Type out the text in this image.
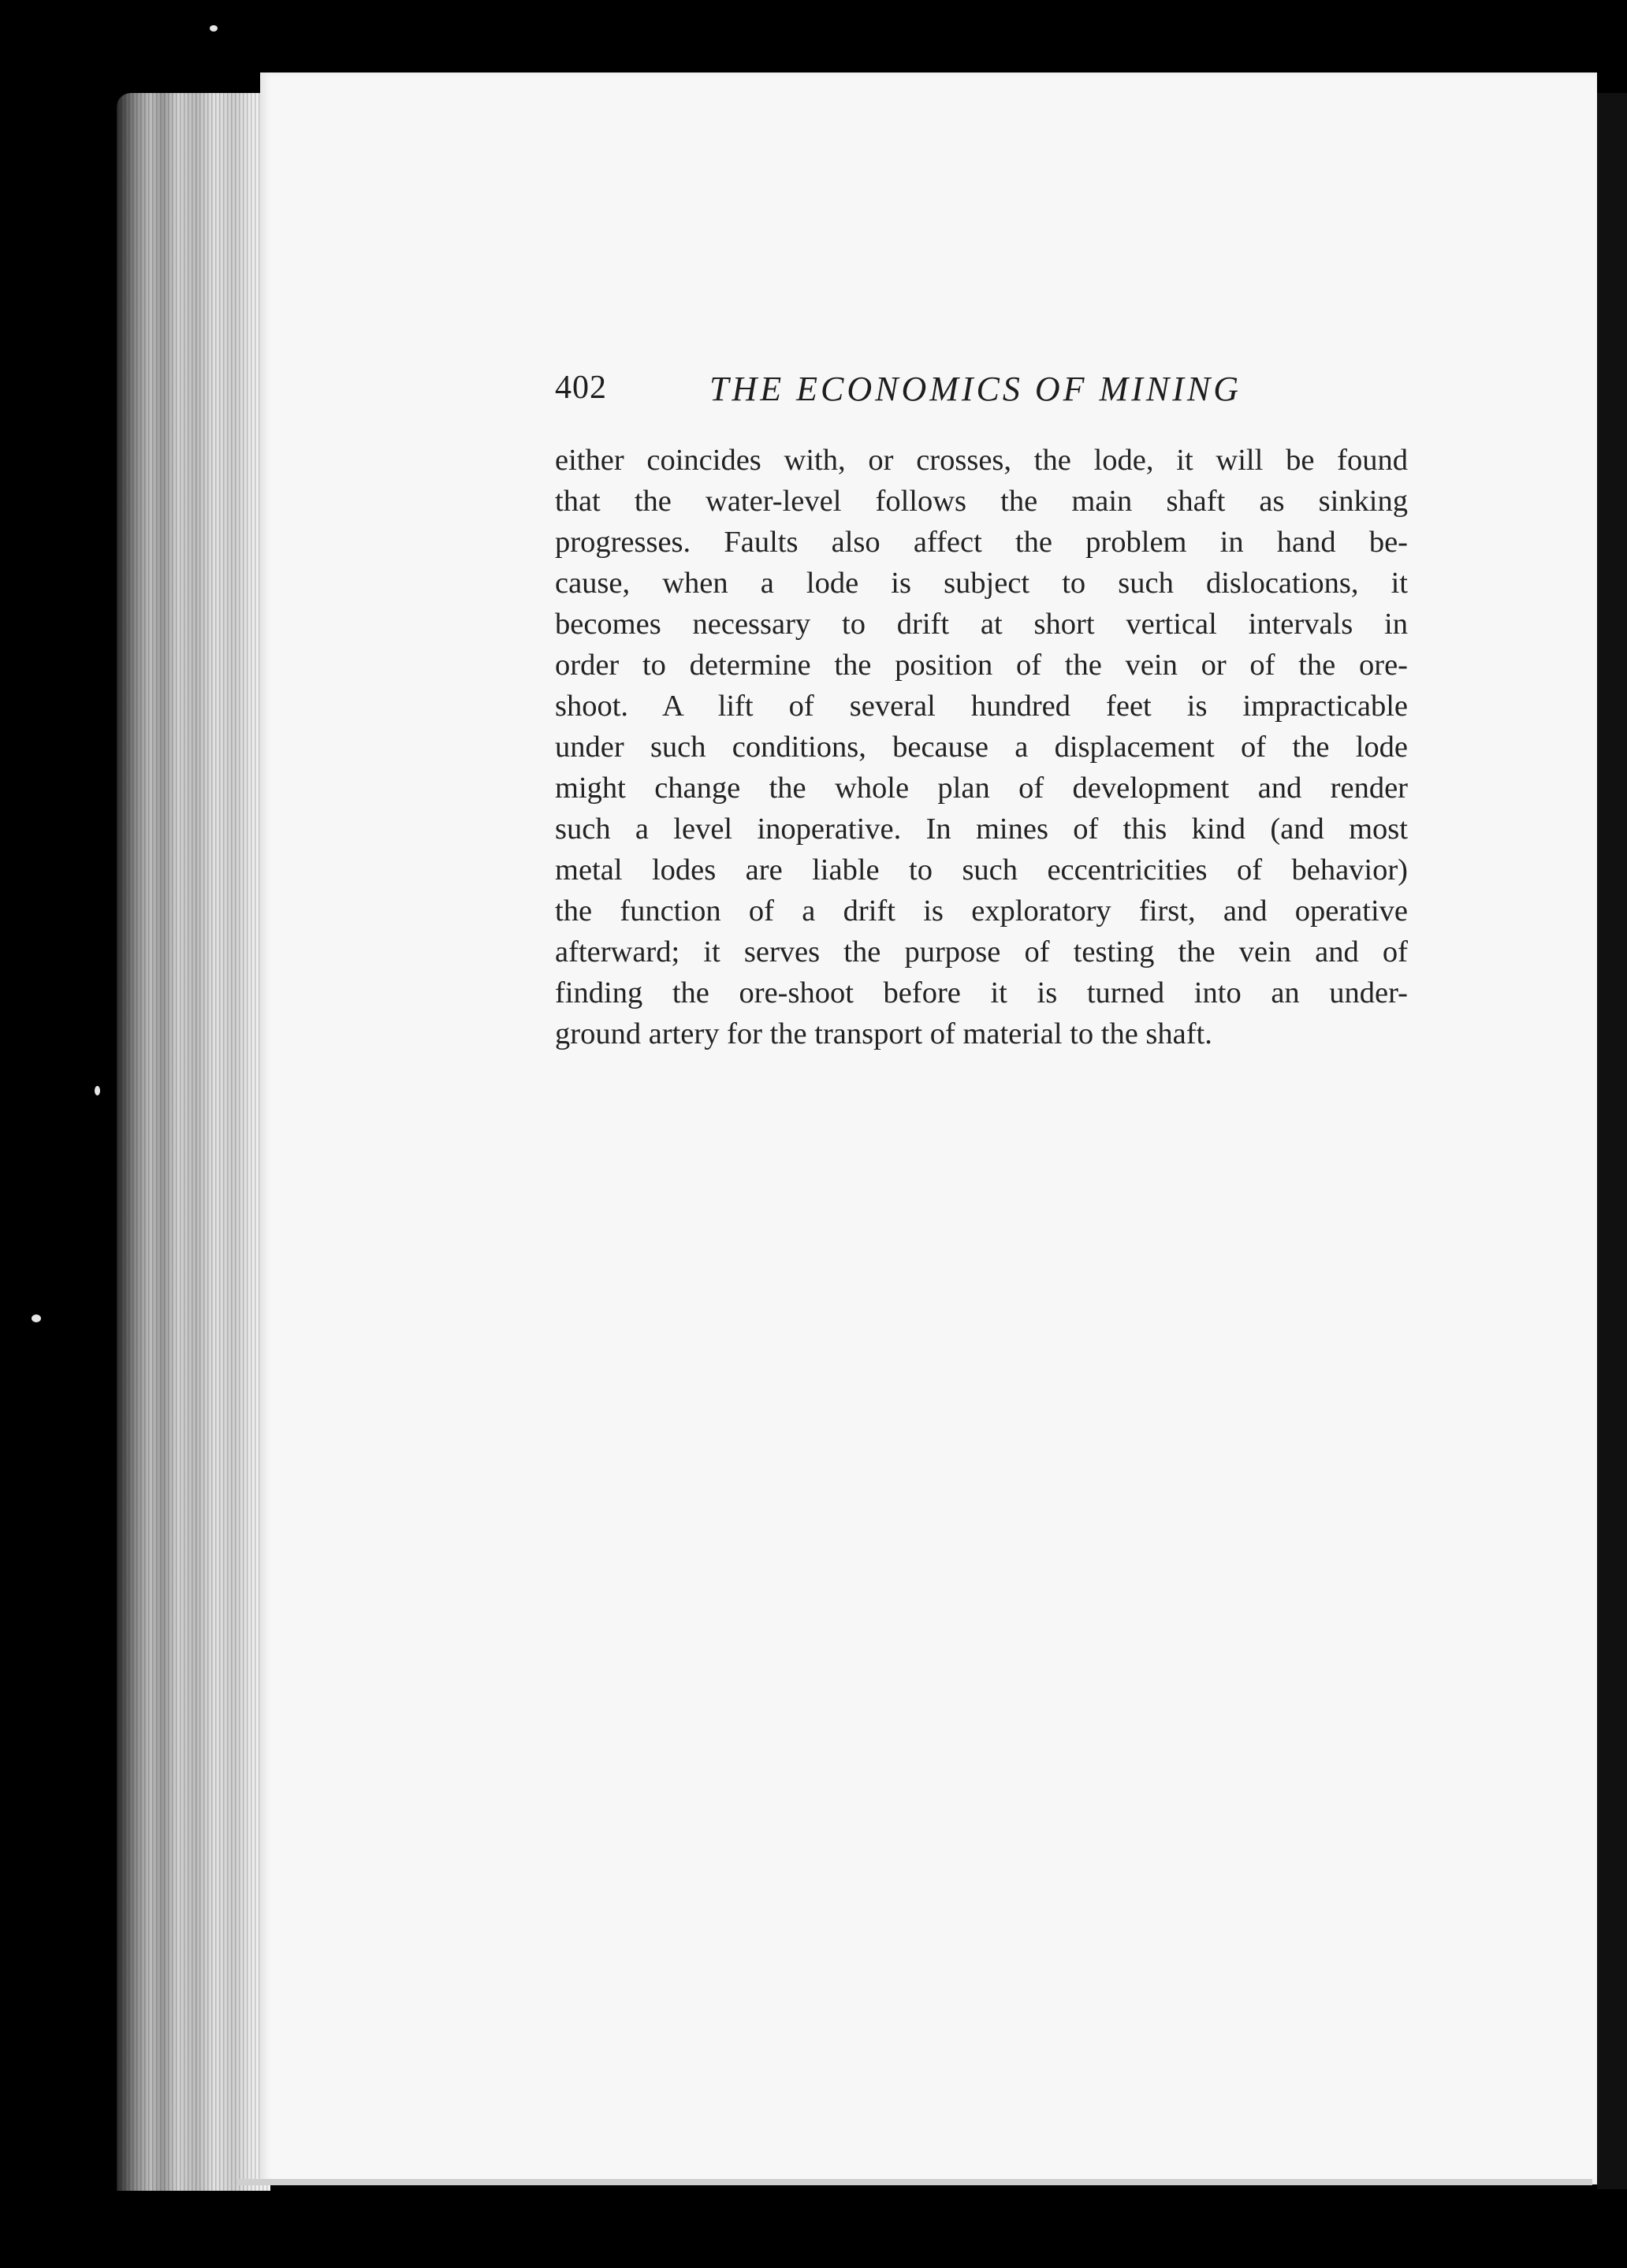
402	THE ECONOMICS OF MINING
either coincides with, or crosses, the lode, it will be found
that the water-level follows the main shaft as sinking
progresses. Faults also affect the problem in hand be-
cause, when a lode is subject to such dislocations, it
becomes necessary to drift at short vertical intervals in
order to determine the position of the vein or of the ore-
shoot. A lift of several hundred feet is impracticable
under such conditions, because a displacement of the lode
might change the whole plan of development and render
such a level inoperative. In mines of this kind (and most
metal lodes are liable to such eccentricities of behavior)
the function of a drift is exploratory first, and operative
afterward; it serves the purpose of testing the vein and of
finding the ore-shoot before it is turned into an under-
ground artery for the transport of material to the shaft.
